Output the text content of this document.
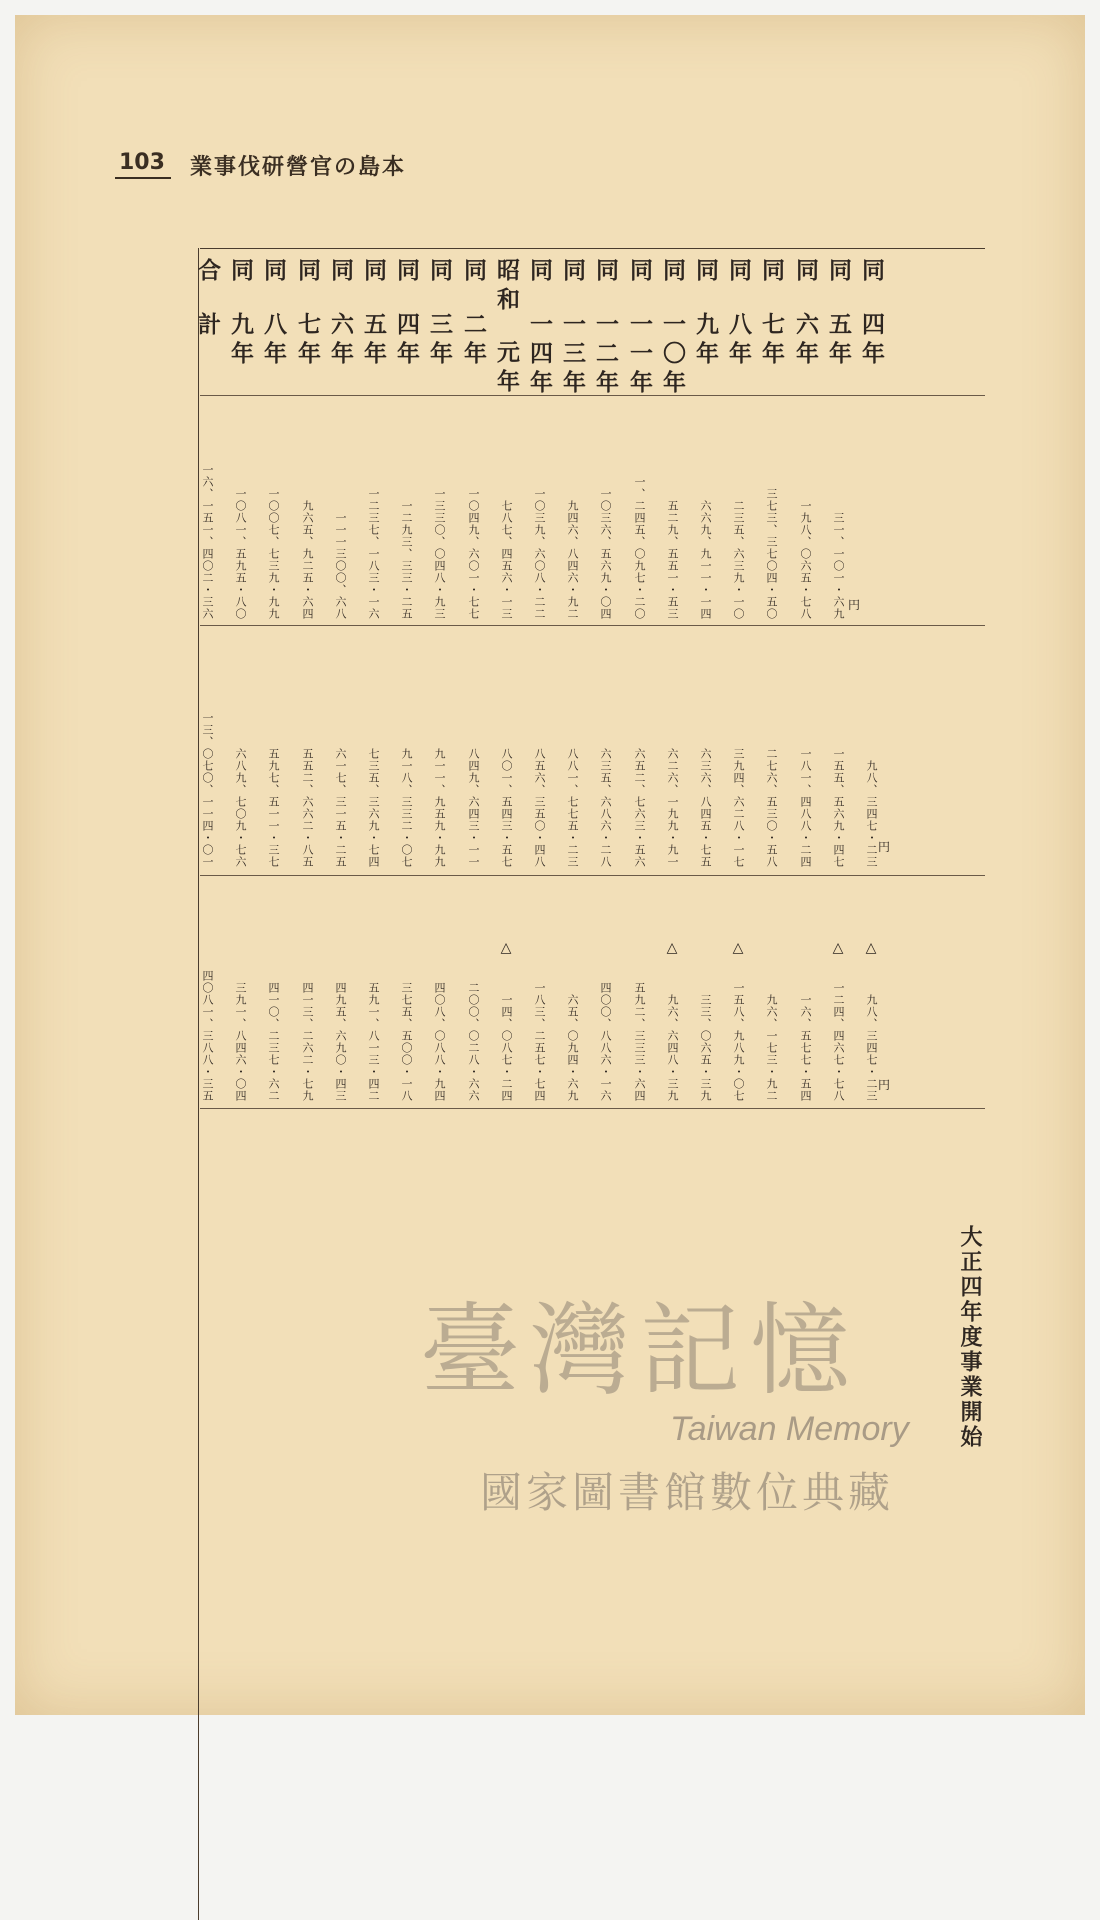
103 業事伐研營官の島本
同
四年
九八、三四七・二三
九八、三四七・二三
△
同
五年
三一、一〇一・六九
一五五、五六九・四七
一二四、四六七・七八
△
同
六年
一九八、〇六五・七八
一八一、四八八・二四
一六、五七七・五四
同
七年
三七三、三七〇四・五〇
二七六、五三〇・五八
九六、一七三・九二
同
八年
二三五、六三九・一〇
三九四、六二八・一七
一五八、九八九・〇七
△
同
九年
六六九、九一一・一四
六三六、八四五・七五
三三、〇六五・三九
同
一〇年
五二九、五五一・五三
六二六、一九九・九一
九六、六四八・三九
△
同
一一年
一、二四五、〇九七・二〇
六五二、七六三・五六
五九二、三三三・六四
同
一二年
一〇三六、五六九・〇四
六三五、六八六・二八
四〇〇、八八六・一六
同
一三年
九四六、八四六・九二
八八一、七七五・二三
六五、〇九四・六九
同
一四年
一〇三九、六〇八・二二
八五六、三五〇・四八
一八三、二五七・七四
昭和
元年
七八七、四五六・一三
八〇一、五四三・五七
一四、〇八七・二四
△
同
二年
一〇四九、六〇一・七七
八四九、六四三・一一
二〇〇、〇二八・六六
同
三年
一三三〇、〇四八・九三
九一一、九五九・九九
四〇八、〇八八・九四
同
四年
一二九三、三三・二五
九一八、三三二・〇七
三七五、五〇〇・一八
同
五年
一二三七、一八三・一六
七三五、三六九・七四
五九一、八一三・四二
同
六年
一一一三〇〇、六八
六一七、三一五・二五
四九五、六九〇・四三
同
七年
九六五、九二五・六四
五五二、六六二・八五
四一三、二六二・七九
同
八年
一〇〇七、七三九・九九
五九七、五一一・三七
四一〇、二三七・六二
同
九年
一〇八一、五九五・八〇
六八九、七〇九・七六
三九一、八四六・〇四
合
計
一六、一五一、四〇二・三六
一三、〇七〇、一一四・〇一
四〇八一、三八八・三五
円
円
円
大正四年度事業開始
臺灣記憶
Taiwan Memory
國家圖書館數位典藏
